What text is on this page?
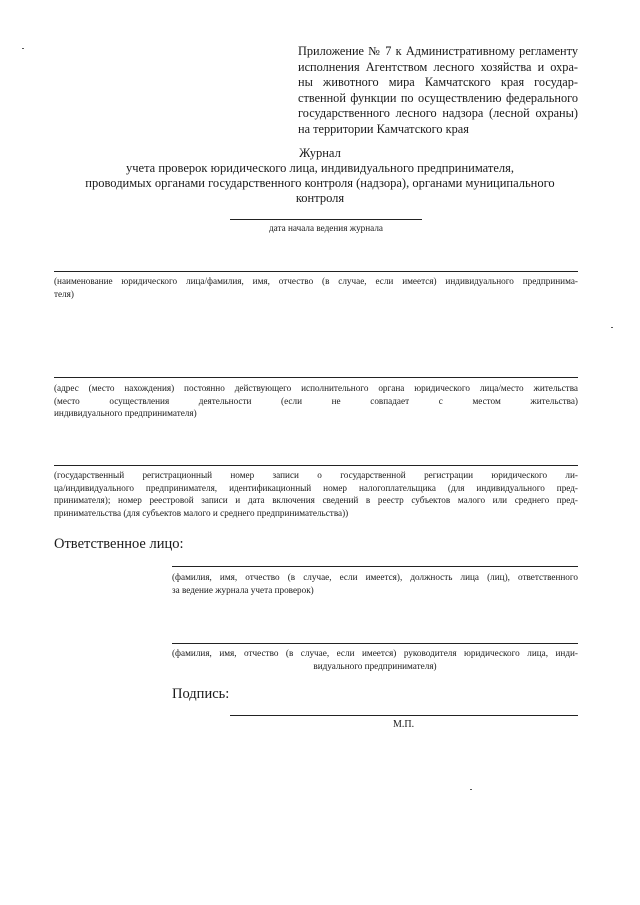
Приложение № 7 к Административному регламенту
исполнения Агентством лесного хозяйства и охра-
ны животного мира Камчатского края государ-
ственной функции по осуществлению федерального
государственного лесного надзора (лесной охраны)
на территории Камчатского края
Журнал
учета проверок юридического лица, индивидуального предпринимателя,
проводимых органами государственного контроля (надзора), органами муниципального
контроля
дата начала ведения журнала
(наименование юридического лица/фамилия, имя, отчество (в случае, если имеется) индивидуального предпринима-
теля)
(адрес (место нахождения) постоянно действующего исполнительного органа юридического лица/место жительства
(место осуществления деятельности (если не совпадает с местом жительства)
индивидуального предпринимателя)
(государственный регистрационный номер записи о государственной регистрации юридического ли-
ца/индивидуального предпринимателя, идентификационный номер налогоплательщика (для индивидуального пред-
принимателя); номер реестровой записи и дата включения сведений в реестр субъектов малого или среднего пред-
принимательства (для субъектов малого и среднего предпринимательства))
Ответственное лицо:
(фамилия, имя, отчество (в случае, если имеется), должность лица (лиц), ответственного
за ведение журнала учета проверок)
(фамилия, имя, отчество (в случае, если имеется) руководителя юридического лица, инди-
видуального предпринимателя)
Подпись:
М.П.
